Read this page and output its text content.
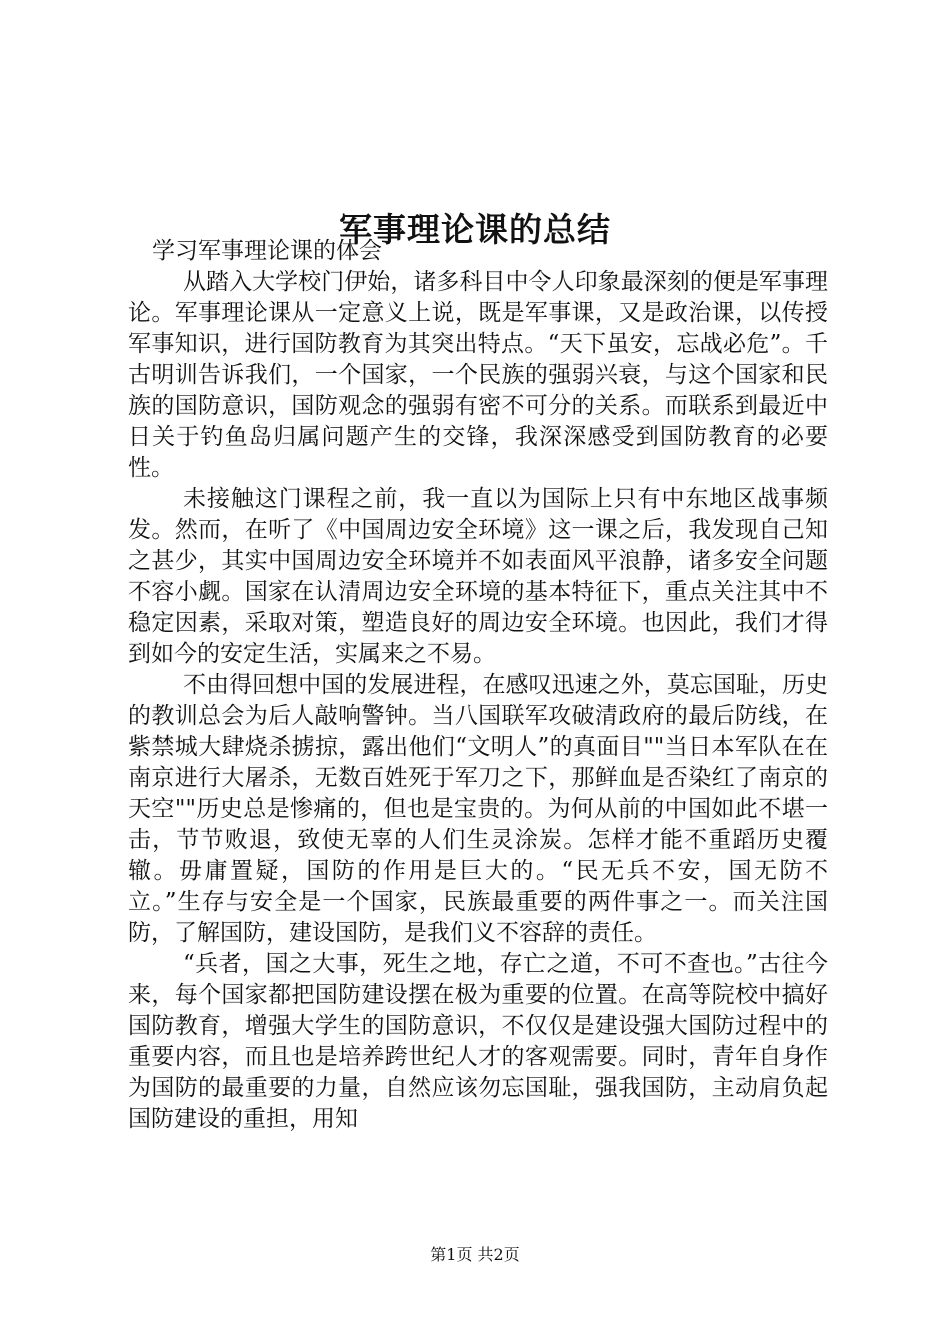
军事理论课的总结

学习军事理论课的体会

从踏入大学校门伊始，诸多科目中令人印象最深刻的便是军事理论。军事理论课从一定意义上说，既是军事课，又是政治课，以传授军事知识，进行国防教育为其突出特点。“天下虽安，忘战必危”。千古明训告诉我们，一个国家，一个民族的强弱兴衰，与这个国家和民族的国防意识，国防观念的强弱有密不可分的关系。而联系到最近中日关于钓鱼岛归属问题产生的交锋，我深深感受到国防教育的必要性。

未接触这门课程之前，我一直以为国际上只有中东地区战事频发。然而，在听了《中国周边安全环境》这一课之后，我发现自己知之甚少，其实中国周边安全环境并不如表面风平浪静，诸多安全问题不容小觑。国家在认清周边安全环境的基本特征下，重点关注其中不稳定因素，采取对策，塑造良好的周边安全环境。也因此，我们才得到如今的安定生活，实属来之不易。

不由得回想中国的发展进程，在感叹迅速之外，莫忘国耻，历史的教训总会为后人敲响警钟。当八国联军攻破清政府的最后防线，在紫禁城大肆烧杀掳掠，露出他们“文明人”的真面目""当日本军队在在南京进行大屠杀，无数百姓死于军刀之下，那鲜血是否染红了南京的天空""历史总是惨痛的，但也是宝贵的。为何从前的中国如此不堪一击，节节败退，致使无辜的人们生灵涂炭。怎样才能不重蹈历史覆辙。毋庸置疑，国防的作用是巨大的。“民无兵不安，国无防不立。”生存与安全是一个国家，民族最重要的两件事之一。而关注国防，了解国防，建设国防，是我们义不容辞的责任。

“兵者，国之大事，死生之地，存亡之道，不可不查也。”古往今来，每个国家都把国防建设摆在极为重要的位置。在高等院校中搞好国防教育，增强大学生的国防意识，不仅仅是建设强大国防过程中的重要内容，而且也是培养跨世纪人才的客观需要。同时，青年自身作为国防的最重要的力量，自然应该勿忘国耻，强我国防，主动肩负起国防建设的重担，用知

第1页 共2页
